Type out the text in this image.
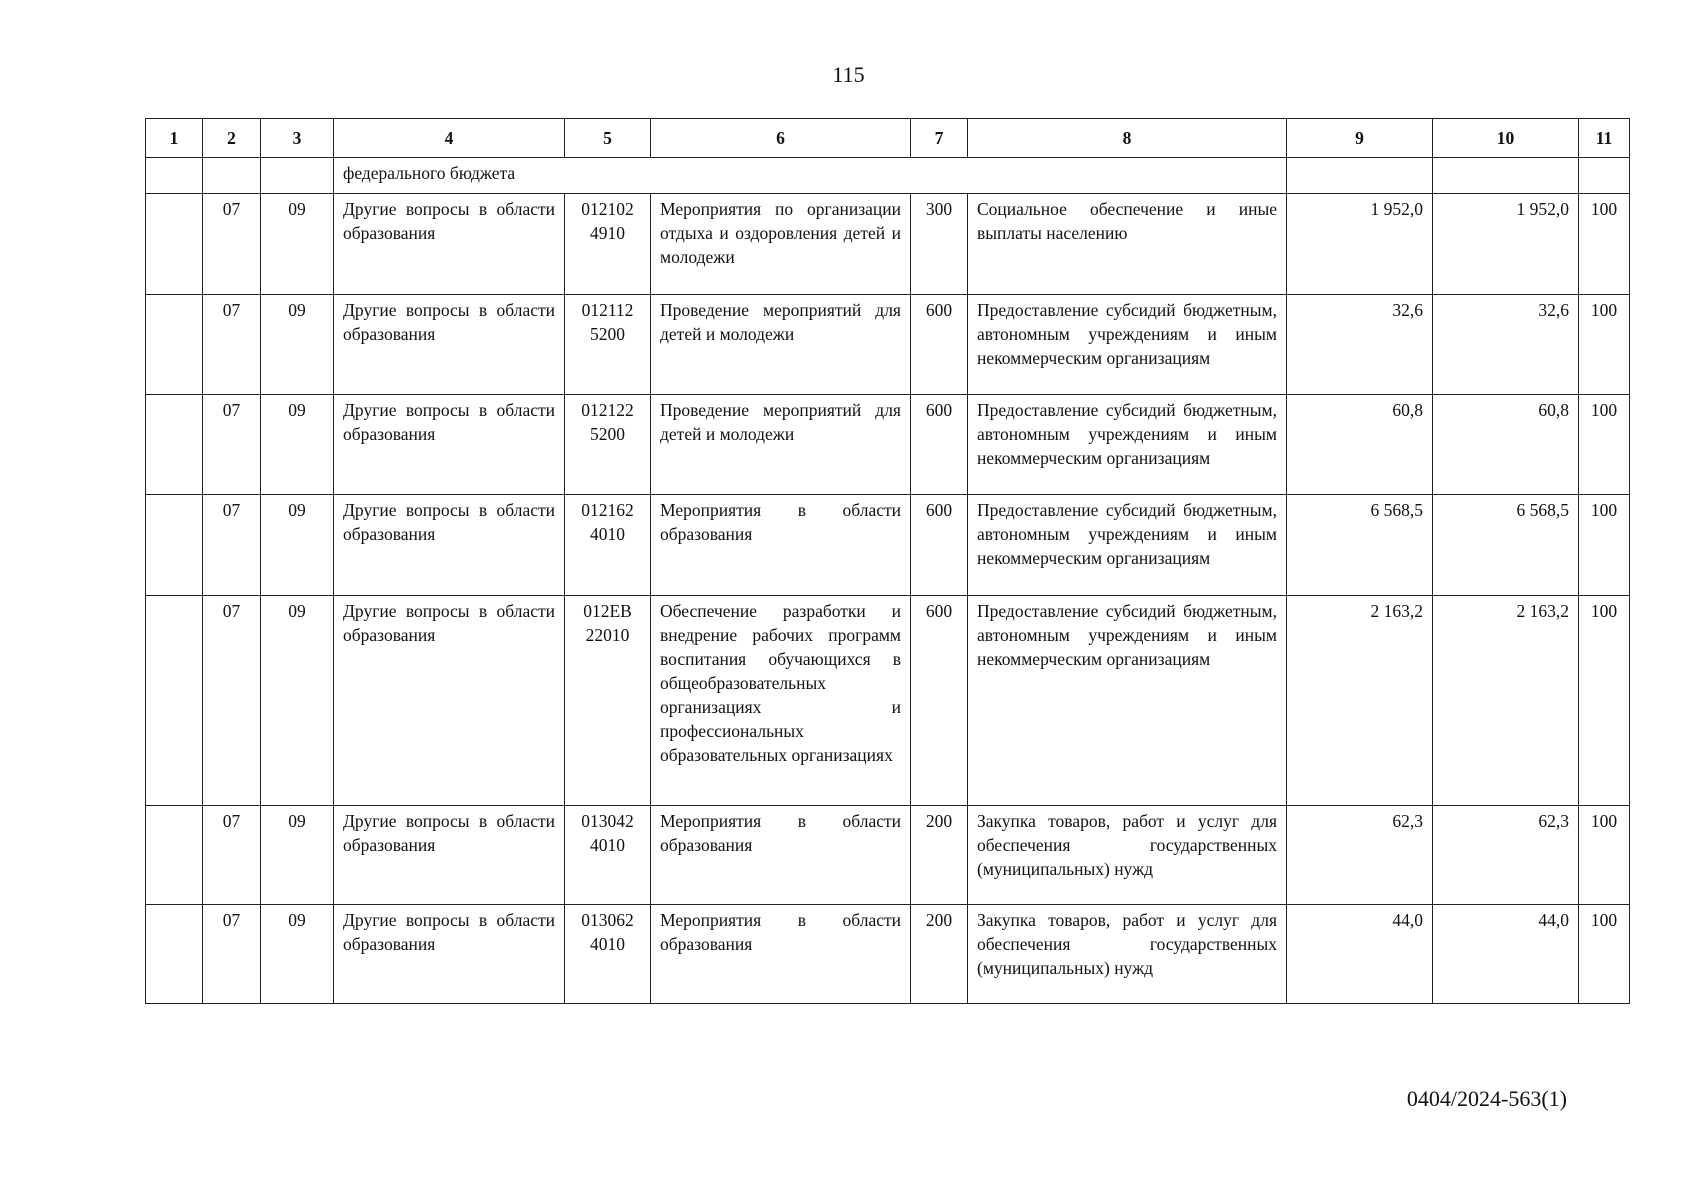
115
1	2	3	4	5	6	7	8	9	10	11
			федерального бюджета							
	07	09	Другие вопросы в области образования	012102 4910	Мероприятия по организации отдыха и оздоровления детей и молодежи	300	Социальное обеспечение и иные выплаты населению	1 952,0	1 952,0	100
	07	09	Другие вопросы в области образования	012112 5200	Проведение мероприятий для детей и молодежи	600	Предоставление субсидий бюджетным, автономным учреждениям и иным некоммерческим организациям	32,6	32,6	100
	07	09	Другие вопросы в области образования	012122 5200	Проведение мероприятий для детей и молодежи	600	Предоставление субсидий бюджетным, автономным учреждениям и иным некоммерческим организациям	60,8	60,8	100
	07	09	Другие вопросы в области образования	012162 4010	Мероприятия в области образования	600	Предоставление субсидий бюджетным, автономным учреждениям и иным некоммерческим организациям	6 568,5	6 568,5	100
	07	09	Другие вопросы в области образования	012ЕВ 22010	Обеспечение разработки и внедрение рабочих программ воспитания обучающихся в общеобразовательных организациях и профессиональных образовательных организациях	600	Предоставление субсидий бюджетным, автономным учреждениям и иным некоммерческим организациям	2 163,2	2 163,2	100
	07	09	Другие вопросы в области образования	013042 4010	Мероприятия в области образования	200	Закупка товаров, работ и услуг для обеспечения государственных (муниципальных) нужд	62,3	62,3	100
	07	09	Другие вопросы в области образования	013062 4010	Мероприятия в области образования	200	Закупка товаров, работ и услуг для обеспечения государственных (муниципальных) нужд	44,0	44,0	100
0404/2024-563(1)
